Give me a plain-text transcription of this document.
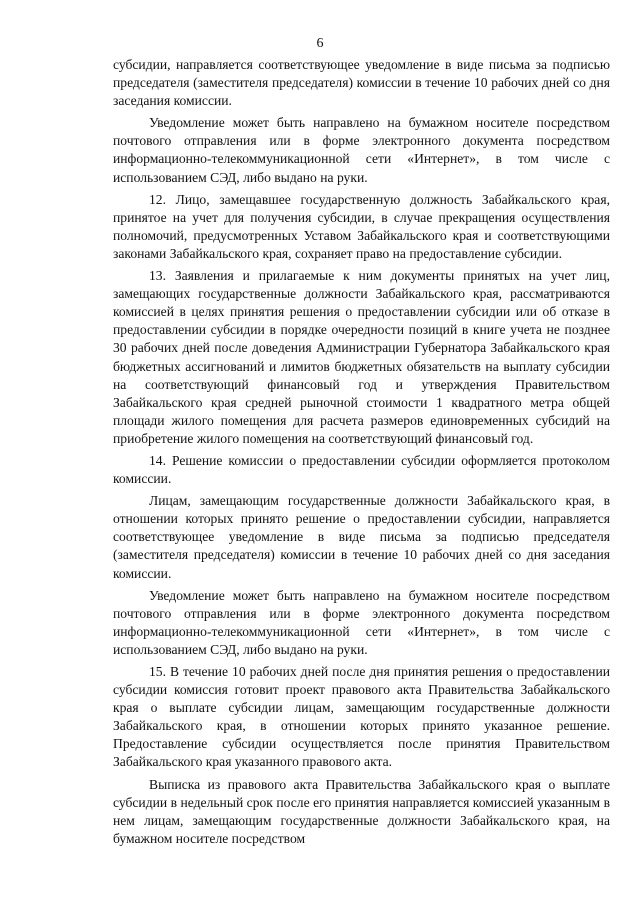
6

субсидии, направляется соответствующее уведомление в виде письма за подписью председателя (заместителя председателя) комиссии в течение 10 рабочих дней со дня заседания комиссии.

Уведомление может быть направлено на бумажном носителе посредством почтового отправления или в форме электронного документа посредством информационно-телекоммуникационной сети «Интернет», в том числе с использованием СЭД, либо выдано на руки.

12. Лицо, замещавшее государственную должность Забайкальского края, принятое на учет для получения субсидии, в случае прекращения осуществления полномочий, предусмотренных Уставом Забайкальского края и соответствующими законами Забайкальского края, сохраняет право на предоставление субсидии.

13. Заявления и прилагаемые к ним документы принятых на учет лиц, замещающих государственные должности Забайкальского края, рассматриваются комиссией в целях принятия решения о предоставлении субсидии или об отказе в предоставлении субсидии в порядке очередности позиций в книге учета не позднее 30 рабочих дней после доведения Администрации Губернатора Забайкальского края бюджетных ассигнований и лимитов бюджетных обязательств на выплату субсидии на соответствующий финансовый год и утверждения Правительством Забайкальского края средней рыночной стоимости 1 квадратного метра общей площади жилого помещения для расчета размеров единовременных субсидий на приобретение жилого помещения на соответствующий финансовый год.

14. Решение комиссии о предоставлении субсидии оформляется протоколом комиссии.

Лицам, замещающим государственные должности Забайкальского края, в отношении которых принято решение о предоставлении субсидии, направляется соответствующее уведомление в виде письма за подписью председателя (заместителя председателя) комиссии в течение 10 рабочих дней со дня заседания комиссии.

Уведомление может быть направлено на бумажном носителе посредством почтового отправления или в форме электронного документа посредством информационно-телекоммуникационной сети «Интернет», в том числе с использованием СЭД, либо выдано на руки.

15. В течение 10 рабочих дней после дня принятия решения о предоставлении субсидии комиссия готовит проект правового акта Правительства Забайкальского края о выплате субсидии лицам, замещающим государственные должности Забайкальского края, в отношении которых принято указанное решение. Предоставление субсидии осуществляется после принятия Правительством Забайкальского края указанного правового акта.

Выписка из правового акта Правительства Забайкальского края о выплате субсидии в недельный срок после его принятия направляется комиссией указанным в нем лицам, замещающим государственные должности Забайкальского края, на бумажном носителе посредством
